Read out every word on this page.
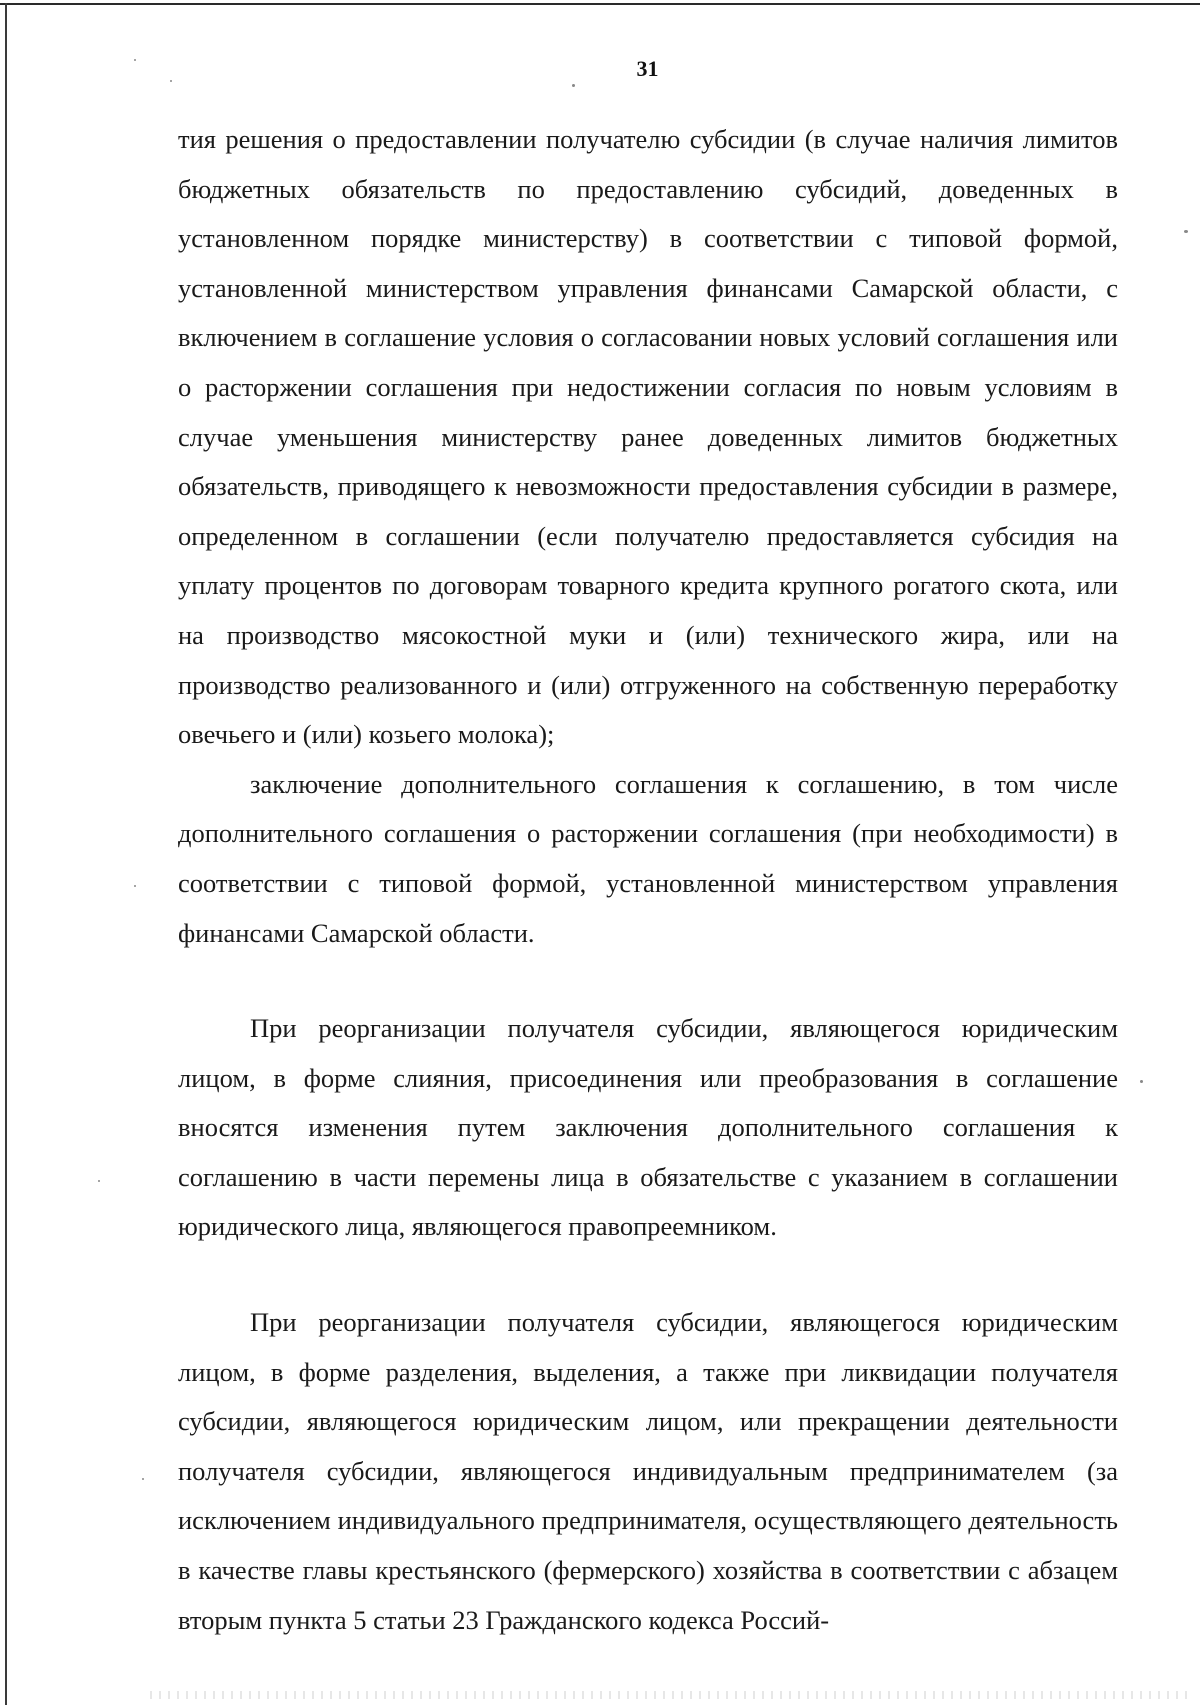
31

тия решения о предоставлении получателю субсидии (в случае наличия лимитов бюджетных обязательств по предоставлению субсидий, доведенных в установленном порядке министерству) в соответствии с типовой формой, установленной министерством управления финансами Самарской области, с включением в соглашение условия о согласовании новых условий соглашения или о расторжении соглашения при недостижении согласия по новым условиям в случае уменьшения министерству ранее доведенных лимитов бюджетных обязательств, приводящего к невозможности предоставления субсидии в размере, определенном в соглашении (если получателю предоставляется субсидия на уплату процентов по договорам товарного кредита крупного рогатого скота, или на производство мясокостной муки и (или) технического жира, или на производство реализованного и (или) отгруженного на собственную переработку овечьего и (или) козьего молока);

заключение дополнительного соглашения к соглашению, в том числе дополнительного соглашения о расторжении соглашения (при необходимости) в соответствии с типовой формой, установленной министерством управления финансами Самарской области.

При реорганизации получателя субсидии, являющегося юридическим лицом, в форме слияния, присоединения или преобразования в соглашение вносятся изменения путем заключения дополнительного соглашения к соглашению в части перемены лица в обязательстве с указанием в соглашении юридического лица, являющегося правопреемником.

При реорганизации получателя субсидии, являющегося юридическим лицом, в форме разделения, выделения, а также при ликвидации получателя субсидии, являющегося юридическим лицом, или прекращении деятельности получателя субсидии, являющегося индивидуальным предпринимателем (за исключением индивидуального предпринимателя, осуществляющего деятельность в качестве главы крестьянского (фермерского) хозяйства в соответствии с абзацем вторым пункта 5 статьи 23 Гражданского кодекса Россий-
